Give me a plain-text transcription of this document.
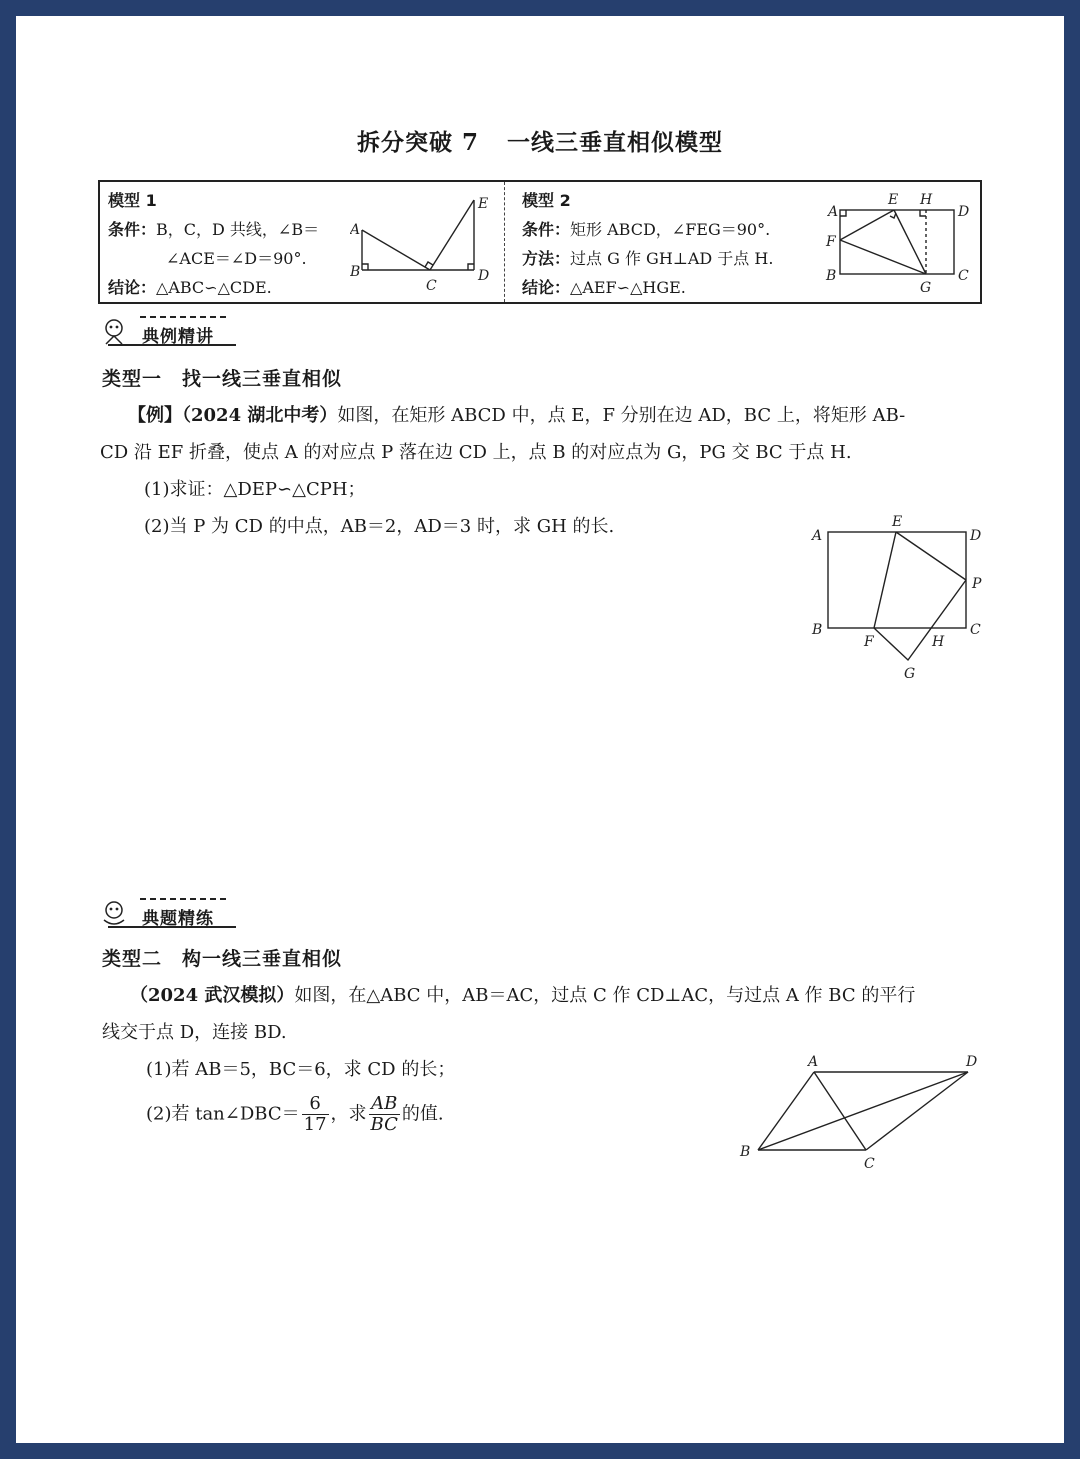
拆分突破 7 一线三垂直相似模型
模型 1
条件：B，C，D 共线，∠B＝
∠ACE＝∠D＝90°.
结论：△ABC∽△CDE.
A
B
C
D
E 模型 2
条件：矩形 ABCD，∠FEG＝90°.
方法：过点 G 作 GH⊥AD 于点 H.
结论：△AEF∽△HGE.
A
E H
D
F
B
G
C
典例精讲
类型一　找一线三垂直相似
【例】（2024 湖北中考）如图，在矩形 ABCD 中，点 E，F 分别在边 AD，BC 上，将矩形 AB-
CD 沿 EF 折叠，使点 A 的对应点 P 落在边 CD 上，点 B 的对应点为 G，PG 交 BC 于点 H.
(1)求证：△DEP∽△CPH；
(2)当 P 为 CD 的中点，AB＝2，AD＝3 时，求 GH 的长.	A
E
D
P
B
F	H
C
G
典题精练
类型二　构一线三垂直相似
（2024 武汉模拟）如图，在△ABC 中，AB＝AC，过点 C 作 CD⊥AC，与过点 A 作 BC 的平行
线交于点 D，连接 BD.
(1)若 AB＝5，BC＝6，求 CD 的长；
(2)若 tan∠DBC＝ $\frac{6}{17}$ ，求 $\frac{AB}{BC}$ 的值.
A	D
B
C
